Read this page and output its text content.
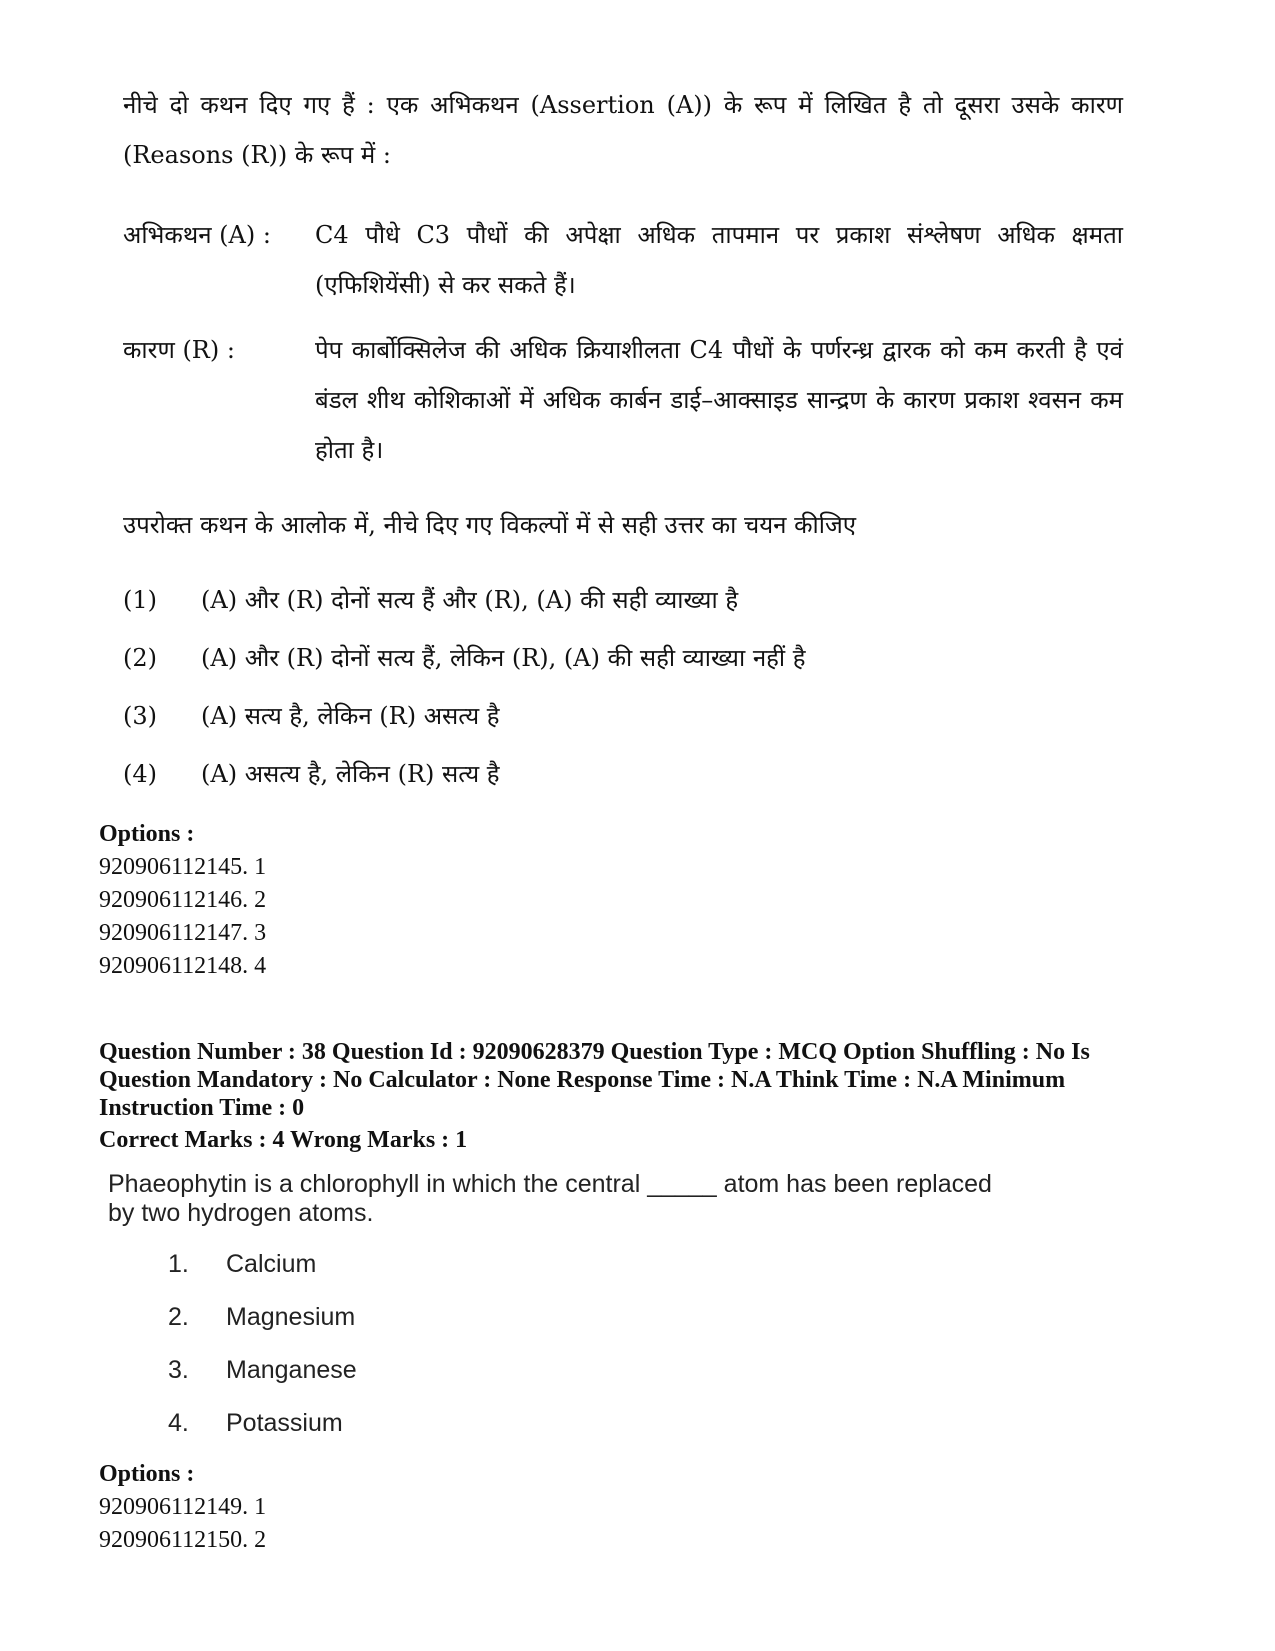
नीचे दो कथन दिए गए हैं : एक अभिकथन (Assertion (A)) के रूप में लिखित है तो दूसरा उसके कारण (Reasons (R)) के रूप में :
अभिकथन (A) :	C4 पौधे C3 पौधों की अपेक्षा अधिक तापमान पर प्रकाश संश्लेषण अधिक क्षमता (एफिशियेंसी) से कर सकते हैं।
कारण (R) :	पेप कार्बोक्सिलेज की अधिक क्रियाशीलता C4 पौधों के पर्णरन्ध्र द्वारक को कम करती है एवं बंडल शीथ कोशिकाओं में अधिक कार्बन डाई–आक्साइड सान्द्रण के कारण प्रकाश श्वसन कम होता है।
उपरोक्त कथन के आलोक में, नीचे दिए गए विकल्पों में से सही उत्तर का चयन कीजिए
(1) (A) और (R) दोनों सत्य हैं और (R), (A) की सही व्याख्या है
(2) (A) और (R) दोनों सत्य हैं, लेकिन (R), (A) की सही व्याख्या नहीं है
(3) (A) सत्य है, लेकिन (R) असत्य है
(4) (A) असत्य है, लेकिन (R) सत्य है
Options :
920906112145. 1
920906112146. 2
920906112147. 3
920906112148. 4
Question Number : 38 Question Id : 92090628379 Question Type : MCQ Option Shuffling : No Is
Question Mandatory : No Calculator : None Response Time : N.A Think Time : N.A Minimum
Instruction Time : 0
Correct Marks : 4 Wrong Marks : 1
Phaeophytin is a chlorophyll in which the central _____ atom has been replaced
by two hydrogen atoms.
1. Calcium
2. Magnesium
3. Manganese
4. Potassium
Options :
920906112149. 1
920906112150. 2
